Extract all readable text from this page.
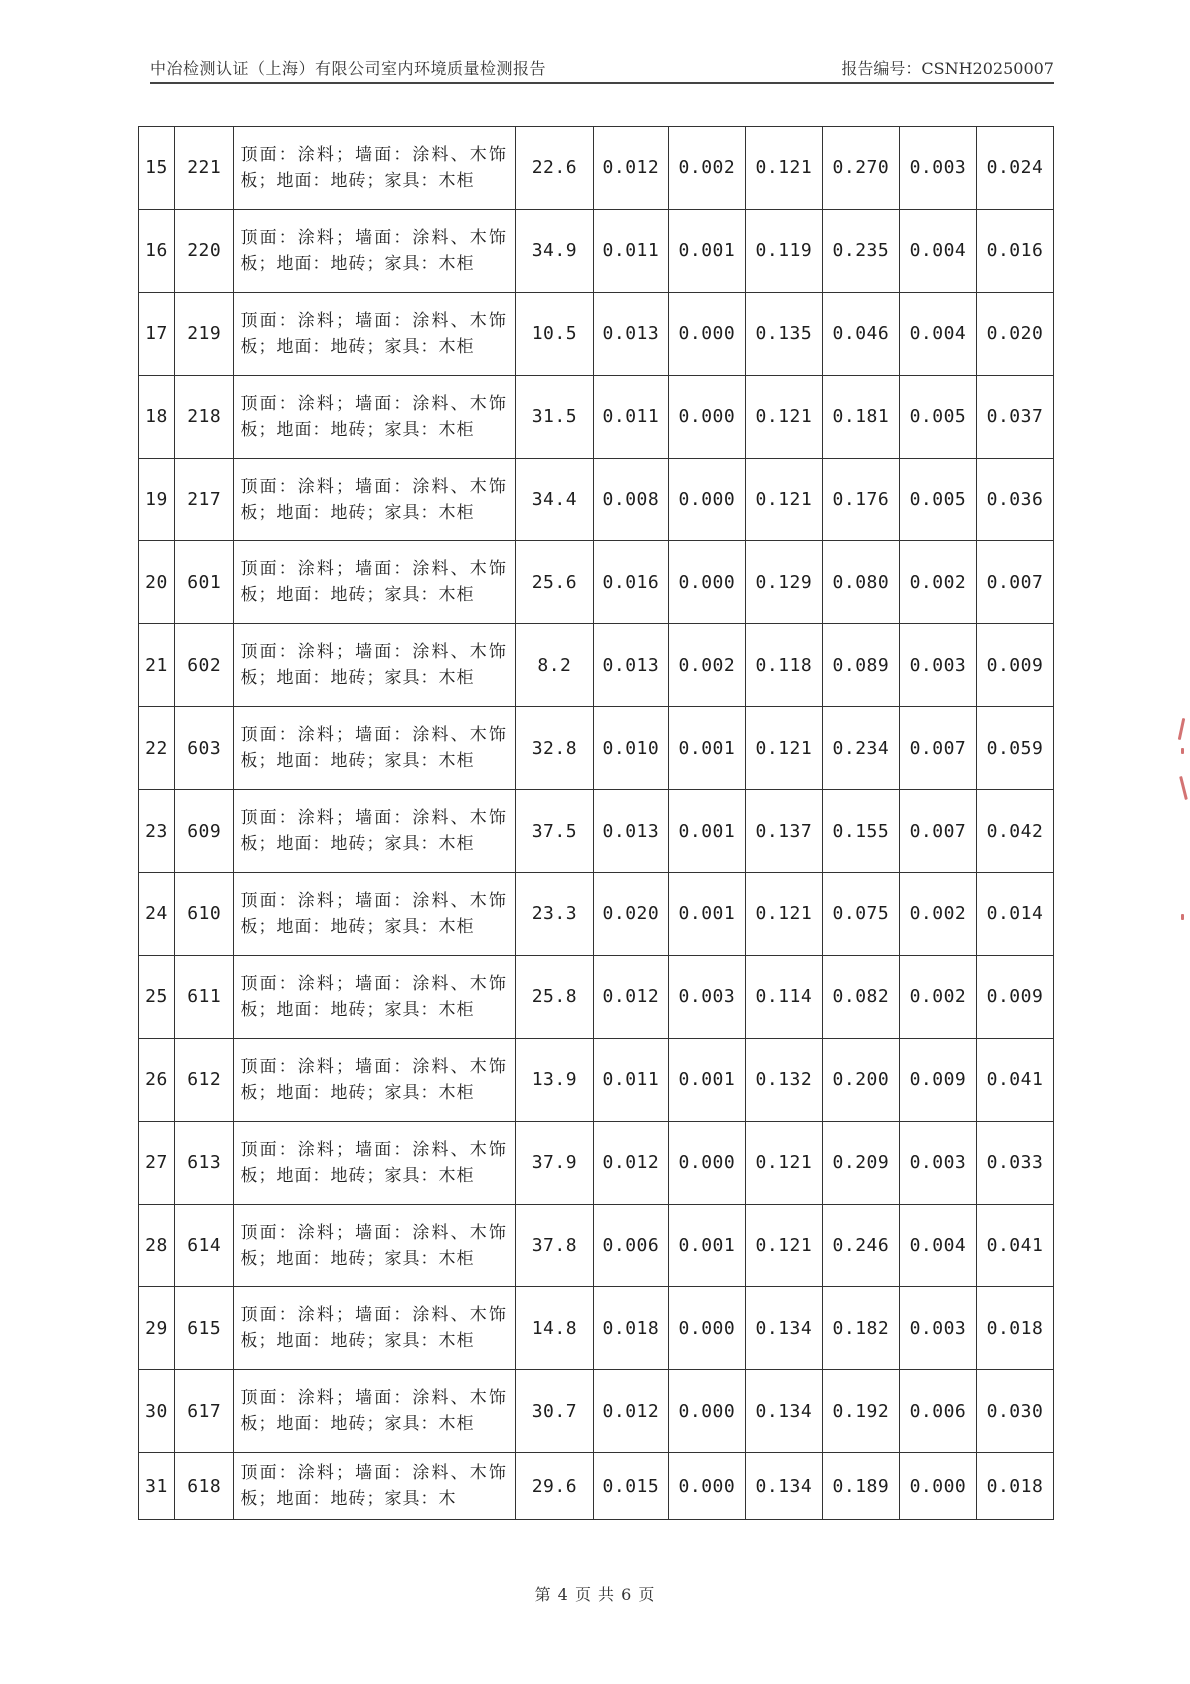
中冶检测认证（上海）有限公司室内环境质量检测报告	报告编号：CSNH20250007
15	221	顶面：涂料；墙面：涂料、木饰板；地面：地砖；家具：木柜	22.6	0.012	0.002	0.121	0.270	0.003	0.024
16	220	顶面：涂料；墙面：涂料、木饰板；地面：地砖；家具：木柜	34.9	0.011	0.001	0.119	0.235	0.004	0.016
17	219	顶面：涂料；墙面：涂料、木饰板；地面：地砖；家具：木柜	10.5	0.013	0.000	0.135	0.046	0.004	0.020
18	218	顶面：涂料；墙面：涂料、木饰板；地面：地砖；家具：木柜	31.5	0.011	0.000	0.121	0.181	0.005	0.037
19	217	顶面：涂料；墙面：涂料、木饰板；地面：地砖；家具：木柜	34.4	0.008	0.000	0.121	0.176	0.005	0.036
20	601	顶面：涂料；墙面：涂料、木饰板；地面：地砖；家具：木柜	25.6	0.016	0.000	0.129	0.080	0.002	0.007
21	602	顶面：涂料；墙面：涂料、木饰板；地面：地砖；家具：木柜	8.2	0.013	0.002	0.118	0.089	0.003	0.009
22	603	顶面：涂料；墙面：涂料、木饰板；地面：地砖；家具：木柜	32.8	0.010	0.001	0.121	0.234	0.007	0.059
23	609	顶面：涂料；墙面：涂料、木饰板；地面：地砖；家具：木柜	37.5	0.013	0.001	0.137	0.155	0.007	0.042
24	610	顶面：涂料；墙面：涂料、木饰板；地面：地砖；家具：木柜	23.3	0.020	0.001	0.121	0.075	0.002	0.014
25	611	顶面：涂料；墙面：涂料、木饰板；地面：地砖；家具：木柜	25.8	0.012	0.003	0.114	0.082	0.002	0.009
26	612	顶面：涂料；墙面：涂料、木饰板；地面：地砖；家具：木柜	13.9	0.011	0.001	0.132	0.200	0.009	0.041
27	613	顶面：涂料；墙面：涂料、木饰板；地面：地砖；家具：木柜	37.9	0.012	0.000	0.121	0.209	0.003	0.033
28	614	顶面：涂料；墙面：涂料、木饰板；地面：地砖；家具：木柜	37.8	0.006	0.001	0.121	0.246	0.004	0.041
29	615	顶面：涂料；墙面：涂料、木饰板；地面：地砖；家具：木柜	14.8	0.018	0.000	0.134	0.182	0.003	0.018
30	617	顶面：涂料；墙面：涂料、木饰板；地面：地砖；家具：木柜	30.7	0.012	0.000	0.134	0.192	0.006	0.030
31	618	顶面：涂料；墙面：涂料、木饰板；地面：地砖；家具：木	29.6	0.015	0.000	0.134	0.189	0.000	0.018
第 4 页 共 6 页
